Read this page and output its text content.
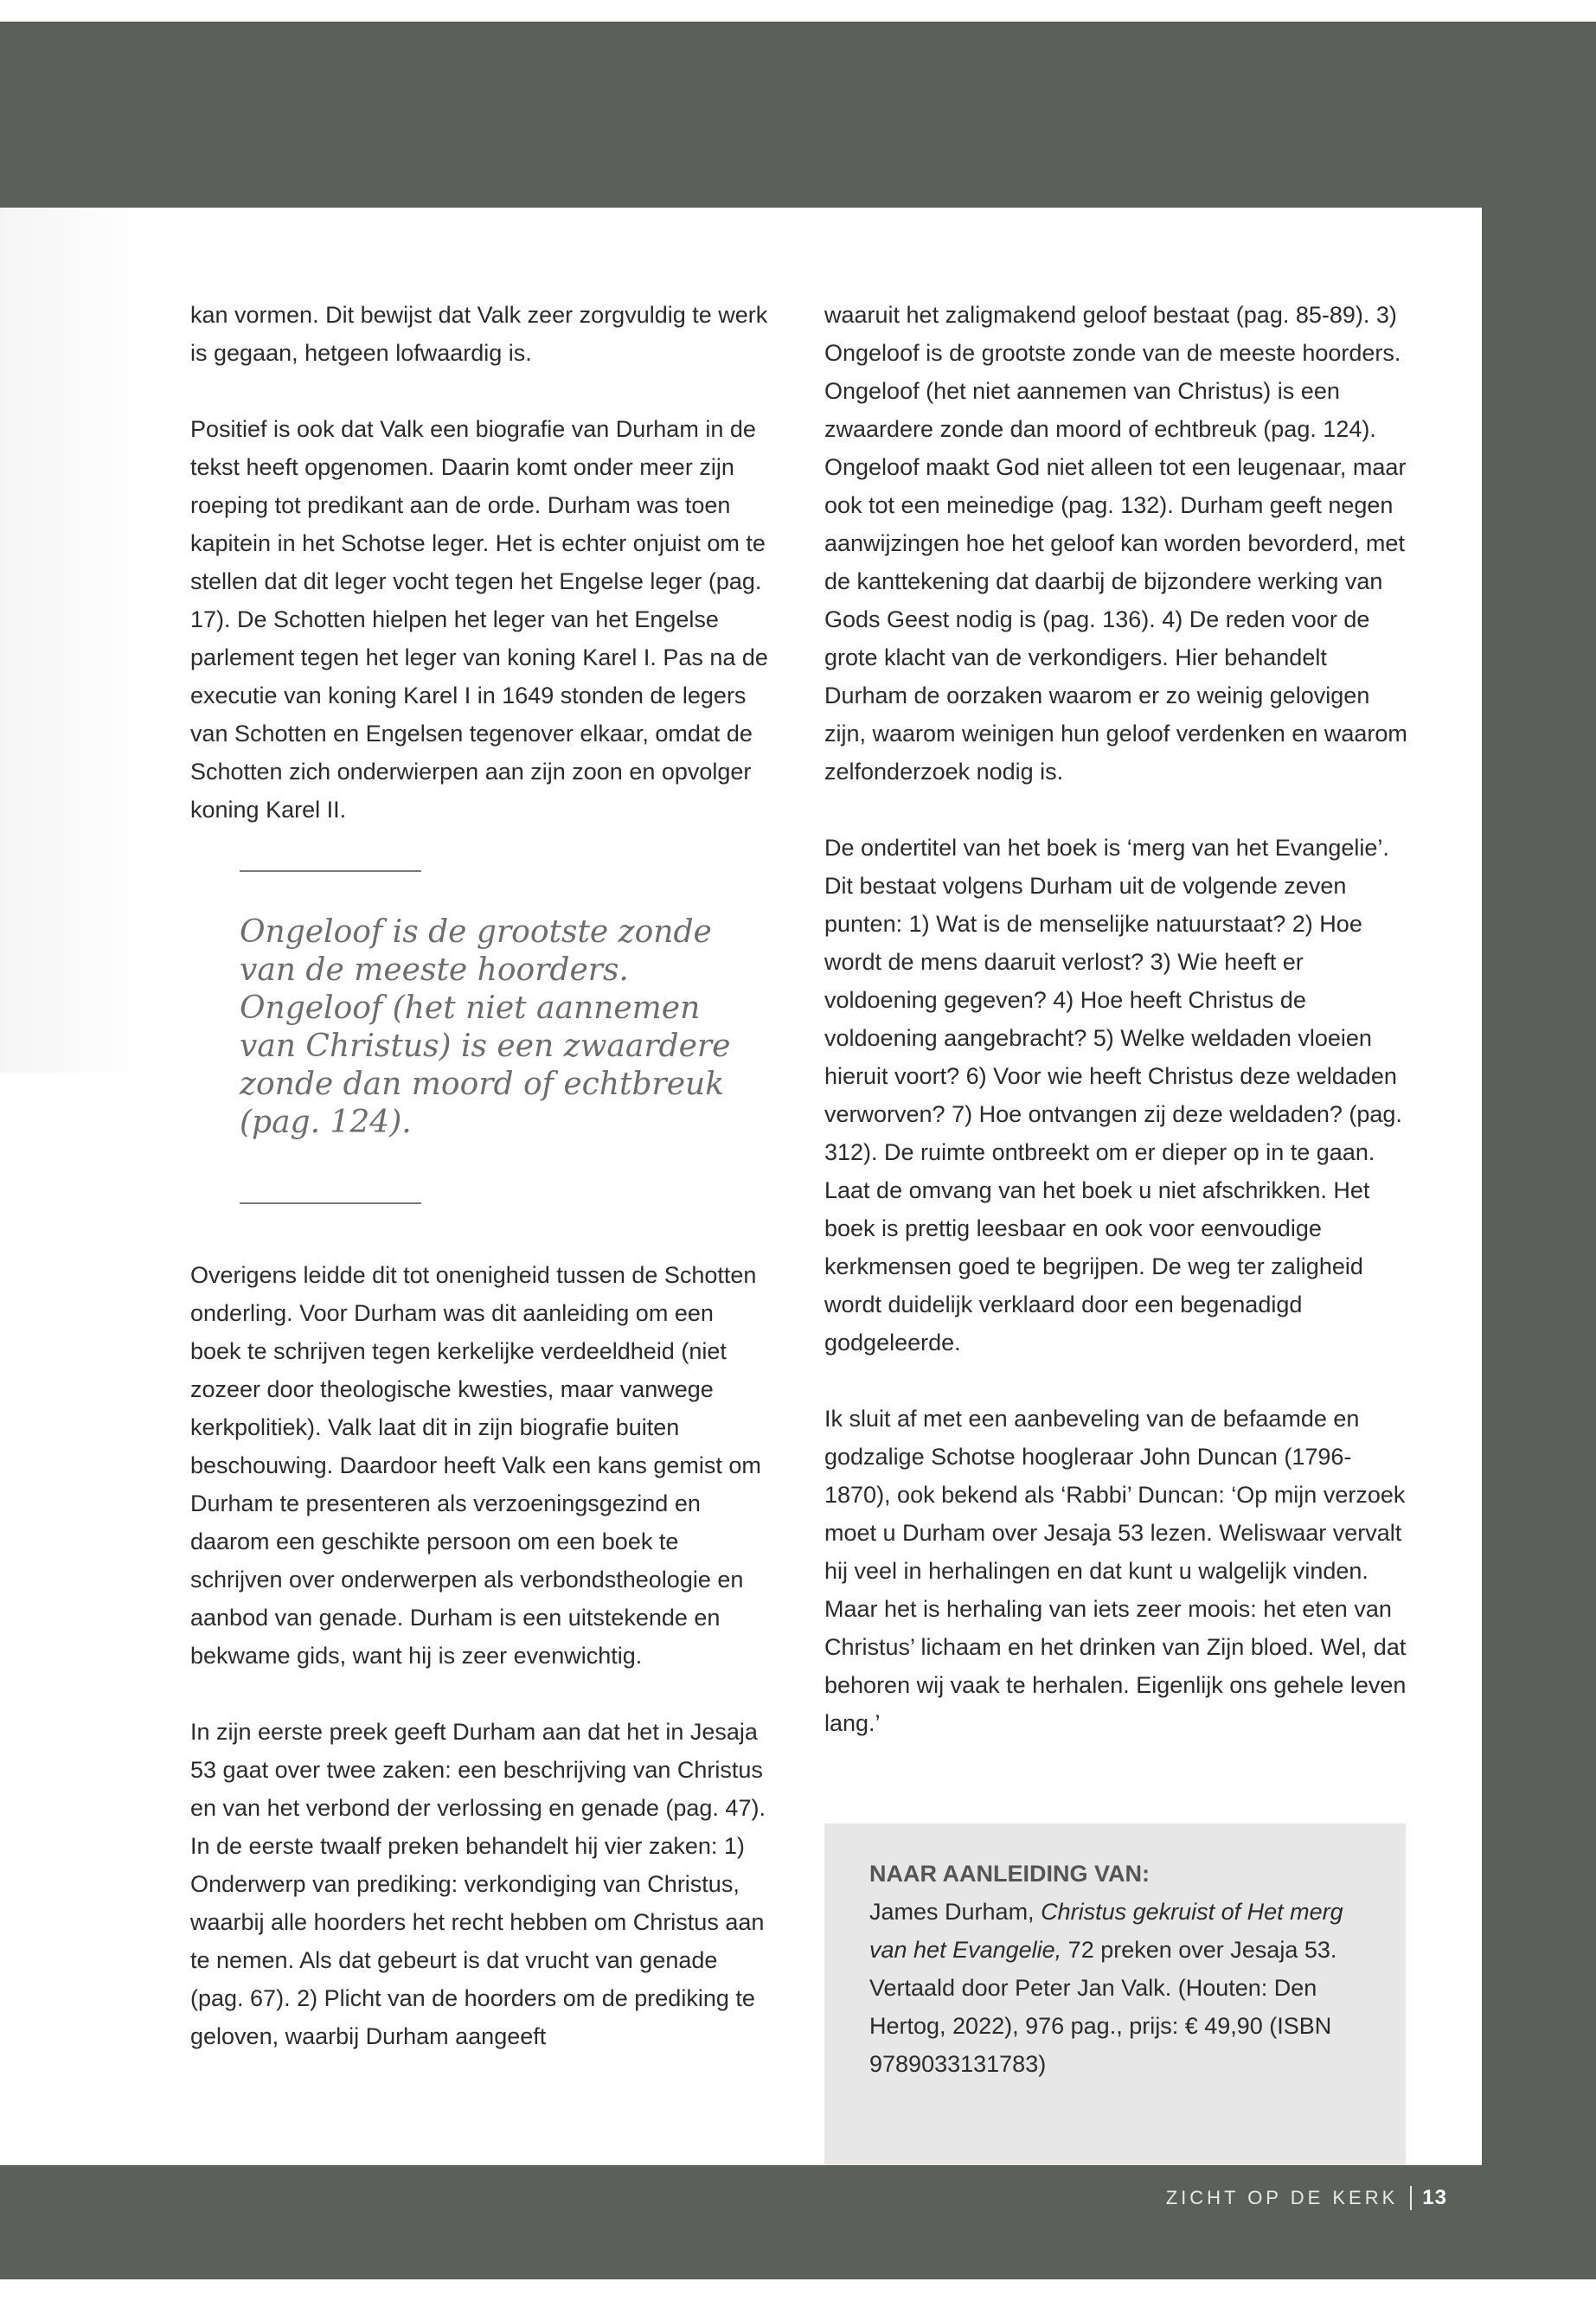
kan vormen. Dit bewijst dat Valk zeer zorgvuldig te werk is gegaan, hetgeen lofwaardig is.

Positief is ook dat Valk een biografie van Durham in de tekst heeft opgenomen. Daarin komt onder meer zijn roeping tot predikant aan de orde. Durham was toen kapitein in het Schotse leger. Het is echter onjuist om te stellen dat dit leger vocht tegen het Engelse leger (pag. 17). De Schotten hielpen het leger van het Engelse parlement tegen het leger van koning Karel I. Pas na de executie van koning Karel I in 1649 stonden de legers van Schotten en Engelsen tegenover elkaar, omdat de Schotten zich onderwierpen aan zijn zoon en opvolger koning Karel II.

Ongeloof is de grootste zonde van de meeste hoorders. Ongeloof (het niet aannemen van Christus) is een zwaardere zonde dan moord of echtbreuk (pag. 124).

Overigens leidde dit tot onenigheid tussen de Schotten onderling. Voor Durham was dit aanleiding om een boek te schrijven tegen kerkelijke verdeeldheid (niet zozeer door theologische kwesties, maar vanwege kerkpolitiek). Valk laat dit in zijn biografie buiten beschouwing. Daardoor heeft Valk een kans gemist om Durham te presenteren als verzoeningsgezind en daarom een geschikte persoon om een boek te schrijven over onderwerpen als verbondstheologie en aanbod van genade. Durham is een uitstekende en bekwame gids, want hij is zeer evenwichtig.

In zijn eerste preek geeft Durham aan dat het in Jesaja 53 gaat over twee zaken: een beschrijving van Christus en van het verbond der verlossing en genade (pag. 47). In de eerste twaalf preken behandelt hij vier zaken: 1) Onderwerp van prediking: verkondiging van Christus, waarbij alle hoorders het recht hebben om Christus aan te nemen. Als dat gebeurt is dat vrucht van genade (pag. 67). 2) Plicht van de hoorders om de prediking te geloven, waarbij Durham aangeeft

waaruit het zaligmakend geloof bestaat (pag. 85-89). 3) Ongeloof is de grootste zonde van de meeste hoorders. Ongeloof (het niet aannemen van Christus) is een zwaardere zonde dan moord of echtbreuk (pag. 124). Ongeloof maakt God niet alleen tot een leugenaar, maar ook tot een meinedige (pag. 132). Durham geeft negen aanwijzingen hoe het geloof kan worden bevorderd, met de kanttekening dat daarbij de bijzondere werking van Gods Geest nodig is (pag. 136). 4) De reden voor de grote klacht van de verkondigers. Hier behandelt Durham de oorzaken waarom er zo weinig gelovigen zijn, waarom weinigen hun geloof verdenken en waarom zelfonderzoek nodig is.

De ondertitel van het boek is ‘merg van het Evangelie’. Dit bestaat volgens Durham uit de volgende zeven punten: 1) Wat is de menselijke natuurstaat? 2) Hoe wordt de mens daaruit verlost? 3) Wie heeft er voldoening gegeven? 4) Hoe heeft Christus de voldoening aangebracht? 5) Welke weldaden vloeien hieruit voort? 6) Voor wie heeft Christus deze weldaden verworven? 7) Hoe ontvangen zij deze weldaden? (pag. 312). De ruimte ontbreekt om er dieper op in te gaan. Laat de omvang van het boek u niet afschrikken. Het boek is prettig leesbaar en ook voor eenvoudige kerkmensen goed te begrijpen. De weg ter zaligheid wordt duidelijk verklaard door een begenadigd godgeleerde.

Ik sluit af met een aanbeveling van de befaamde en godzalige Schotse hoogleraar John Duncan (1796-1870), ook bekend als ‘Rabbi’ Duncan: ‘Op mijn verzoek moet u Durham over Jesaja 53 lezen. Weliswaar vervalt hij veel in herhalingen en dat kunt u walgelijk vinden. Maar het is herhaling van iets zeer moois: het eten van Christus’ lichaam en het drinken van Zijn bloed. Wel, dat behoren wij vaak te herhalen. Eigenlijk ons gehele leven lang.’

NAAR AANLEIDING VAN:
James Durham, Christus gekruist of Het merg van het Evangelie, 72 preken over Jesaja 53. Vertaald door Peter Jan Valk. (Houten: Den Hertog, 2022), 976 pag., prijs: € 49,90 (ISBN 9789033131783)
ZICHT OP DE KERK 13
